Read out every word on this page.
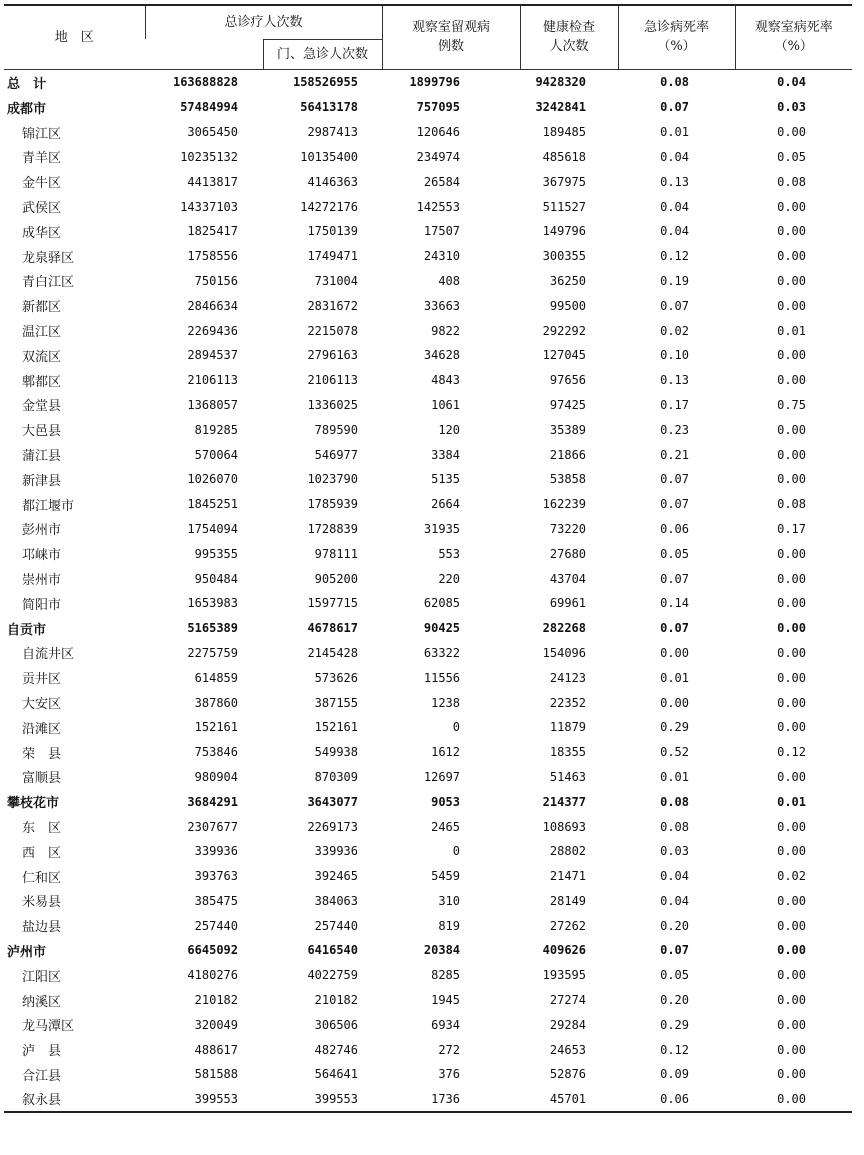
地　区	总诊疗人次数		观察室留观病例数	健康检查人次数	急诊病死率（%）	观察室病死率（%）

		门、急诊人次数				
总　计	163688828	158526955	1899796	9428320	0.08	0.04
成都市	57484994	56413178	757095	3242841	0.07	0.03
锦江区	3065450	2987413	120646	189485	0.01	0.00
青羊区	10235132	10135400	234974	485618	0.04	0.05
金牛区	4413817	4146363	26584	367975	0.13	0.08
武侯区	14337103	14272176	142553	511527	0.04	0.00
成华区	1825417	1750139	17507	149796	0.04	0.00
龙泉驿区	1758556	1749471	24310	300355	0.12	0.00
青白江区	750156	731004	408	36250	0.19	0.00
新都区	2846634	2831672	33663	99500	0.07	0.00
温江区	2269436	2215078	9822	292292	0.02	0.01
双流区	2894537	2796163	34628	127045	0.10	0.00
郫都区	2106113	2106113	4843	97656	0.13	0.00
金堂县	1368057	1336025	1061	97425	0.17	0.75
大邑县	819285	789590	120	35389	0.23	0.00
蒲江县	570064	546977	3384	21866	0.21	0.00
新津县	1026070	1023790	5135	53858	0.07	0.00
都江堰市	1845251	1785939	2664	162239	0.07	0.08
彭州市	1754094	1728839	31935	73220	0.06	0.17
邛崃市	995355	978111	553	27680	0.05	0.00
崇州市	950484	905200	220	43704	0.07	0.00
简阳市	1653983	1597715	62085	69961	0.14	0.00
自贡市	5165389	4678617	90425	282268	0.07	0.00
自流井区	2275759	2145428	63322	154096	0.00	0.00
贡井区	614859	573626	11556	24123	0.01	0.00
大安区	387860	387155	1238	22352	0.00	0.00
沿滩区	152161	152161	0	11879	0.29	0.00
荣　县	753846	549938	1612	18355	0.52	0.12
富顺县	980904	870309	12697	51463	0.01	0.00
攀枝花市	3684291	3643077	9053	214377	0.08	0.01
东　区	2307677	2269173	2465	108693	0.08	0.00
西　区	339936	339936	0	28802	0.03	0.00
仁和区	393763	392465	5459	21471	0.04	0.02
米易县	385475	384063	310	28149	0.04	0.00
盐边县	257440	257440	819	27262	0.20	0.00
泸州市	6645092	6416540	20384	409626	0.07	0.00
江阳区	4180276	4022759	8285	193595	0.05	0.00
纳溪区	210182	210182	1945	27274	0.20	0.00
龙马潭区	320049	306506	6934	29284	0.29	0.00
泸　县	488617	482746	272	24653	0.12	0.00
合江县	581588	564641	376	52876	0.09	0.00
叙永县	399553	399553	1736	45701	0.06	0.00
